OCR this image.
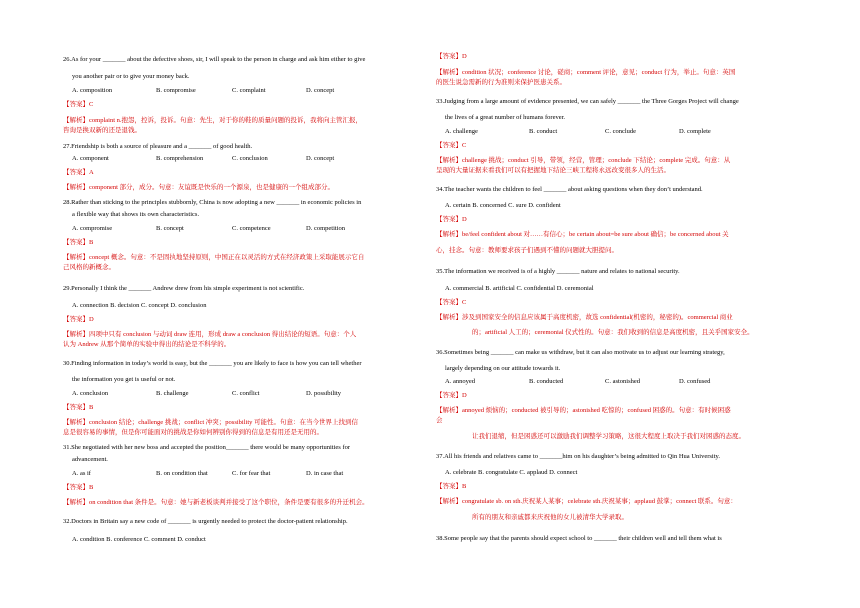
26.As for your _______ about the defective shoes, sir, I will speak to the person in charge and ask him either to give
you another pair or to give your money back.
A. composition	B. compromise	C. complaint	D. concept
【答案】C
【解析】complaint n.抱怨，控诉，投诉。句意：先生，对于你的鞋的质量问题的投诉，我将向主管汇报，
咨询是换双新的还是退钱。
27.Friendship is both a source of pleasure and a _______ of good health.
A. component	B. comprehension	C. conclusion	D. concept
【答案】A
【解析】component 部分，成分。句意：友谊既是快乐的一个源泉，也是健康的一个组成部分。
28.Rather than sticking to the principles stubbornly, China is now adopting a new _______ in economic policies in
a flexible way that shows its own characteristics.
A. compromise	B. concept	C. competence	D. competition
【答案】B
【解析】concept 概念。句意：不是固执地坚持原则，中国正在以灵活的方式在经济政策上采取能展示它自
己风格的新概念。
29.Personally I think the _______ Andrew drew from his simple experiment is not scientific.
A. connection B. decision C. concept D. conclusion
【答案】D
【解析】四项中只有 conclusion 与动词 draw 连用，形成 draw a conclusion 得出结论的短语。句意：个人
认为 Andrew 从那个简单的实验中得出的结论是不科学的。
30.Finding information in today’s world is easy, but the _______ you are likely to face is how you can tell whether
the information you get is useful or not.
A. conclusion	B. challenge	C. conflict	D. possibility
【答案】B
【解析】conclusion 结论；challenge 挑战；conflict 冲突；possibility 可能性。句意：在当今世界上找到信
息是很容易的事情，但是你可能面对的挑战是你如何辨别你得到的信息是有用还是无用的。
31.She negotiated with her new boss and accepted the position_______ there would be many opportunities for
advancement.
A. as if	B. on condition that	C. for fear that	D. in case that
【答案】B
【解析】on condition that 条件是。句意：她与新老板谈判并接受了这个职位，条件是要有很多的升迁机会。
32.Doctors in Britain say a new code of _______ is urgently needed to protect the doctor-patient relationship.
A. condition B. conference C. comment D. conduct
【答案】D
【解析】condition 状况；conference 讨论，磋商；comment 评论，意见；conduct 行为，举止。句意：英国
的医生说急需新的行为准则来保护医患关系。
33.Judging from a large amount of evidence presented, we can safely _______ the Three Gorges Project will change
the lives of a great number of humans forever.
A. challenge	B. conduct	C. conclude	D. complete
【答案】C
【解析】challenge 挑战；conduct 引导，带领，经营，管理；conclude 下结论；complete 完成。句意：从
呈现的大量证据来看我们可以有把握地下结论三峡工程将永远改变很多人的生活。
34.The teacher wants the children to feel _______ about asking questions when they don’t understand.
A. certain B. concerned C. sure D. confident
【答案】D
【解析】be/feel confident about 对……有信心；be certain about=be sure about 确信；be concerned about 关
心，挂念。句意：教师要求孩子们遇到不懂的问题就大胆提问。
35.The information we received is of a highly _______ nature and relates to national security.
A. commercial B. artificial C. confidential D. ceremonial
【答案】C
【解析】涉及到国家安全的信息应该属于高度机密，故选 confidential(机密的，秘密的)。commercial 商业
的；artificial 人工的；ceremonial 仪式性的。句意：我们收到的信息是高度机密，且关乎国家安全。
36.Sometimes being _______ can make us withdraw, but it can also motivate us to adjust our learning strategy,
largely depending on our attitude towards it.
A. annoyed	B. conducted	C. astonished	D. confused
【答案】D
【解析】annoyed 烦恼的；conducted 被引导的；astonished 吃惊的；confused 困惑的。句意：有时候困惑
会
让我们退缩，但是困惑还可以激励我们调整学习策略，这很大程度上取决于我们对困惑的态度。
37.All his friends and relatives came to _______him on his daughter’s being admitted to Qin Hua University.
A. celebrate B. congratulate C. applaud D. connect
【答案】B
【解析】congratulate sb. on sth.庆祝某人某事；celebrate sth.庆祝某事；applaud 鼓掌；connect 联系。句意：
所有的朋友和亲戚都来庆祝他的女儿被清华大学录取。
38.Some people say that the parents should expect school to _______ their children well and tell them what is
